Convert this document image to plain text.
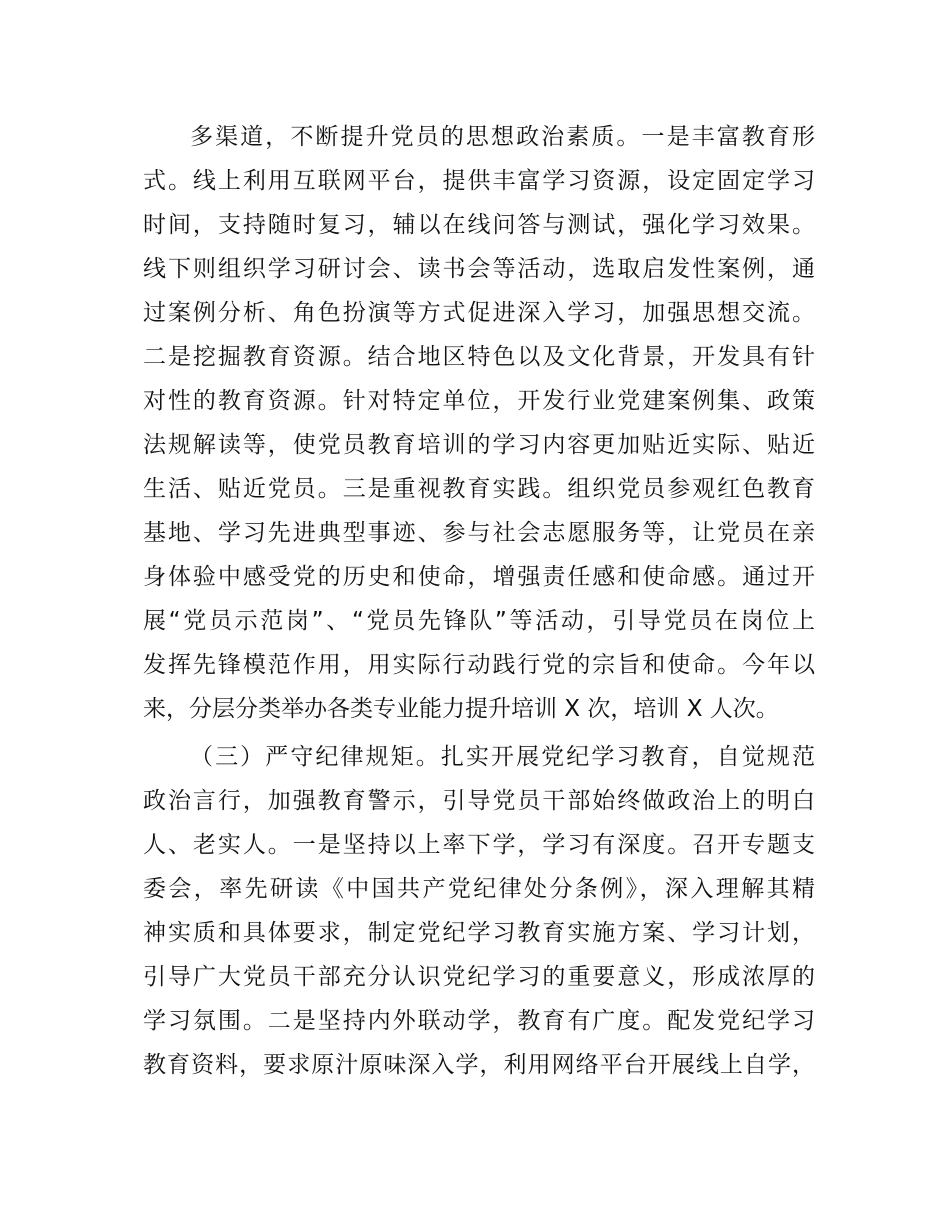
多渠道，不断提升党员的思想政治素质。一是丰富教育形
式。线上利用互联网平台，提供丰富学习资源，设定固定学习
时间，支持随时复习，辅以在线问答与测试，强化学习效果。
线下则组织学习研讨会、读书会等活动，选取启发性案例，通
过案例分析、角色扮演等方式促进深入学习，加强思想交流。
二是挖掘教育资源。结合地区特色以及文化背景，开发具有针
对性的教育资源。针对特定单位，开发行业党建案例集、政策
法规解读等，使党员教育培训的学习内容更加贴近实际、贴近
生活、贴近党员。三是重视教育实践。组织党员参观红色教育
基地、学习先进典型事迹、参与社会志愿服务等，让党员在亲
身体验中感受党的历史和使命，增强责任感和使命感。通过开
展“党员示范岗”、“党员先锋队”等活动，引导党员在岗位上
发挥先锋模范作用，用实际行动践行党的宗旨和使命。今年以
来，分层分类举办各类专业能力提升培训 X 次，培训 X 人次。
（三）严守纪律规矩。扎实开展党纪学习教育，自觉规范
政治言行，加强教育警示，引导党员干部始终做政治上的明白
人、老实人。一是坚持以上率下学，学习有深度。召开专题支
委会，率先研读《中国共产党纪律处分条例》，深入理解其精
神实质和具体要求，制定党纪学习教育实施方案、学习计划，
引导广大党员干部充分认识党纪学习的重要意义，形成浓厚的
学习氛围。二是坚持内外联动学，教育有广度。配发党纪学习
教育资料，要求原汁原味深入学，利用网络平台开展线上自学，
